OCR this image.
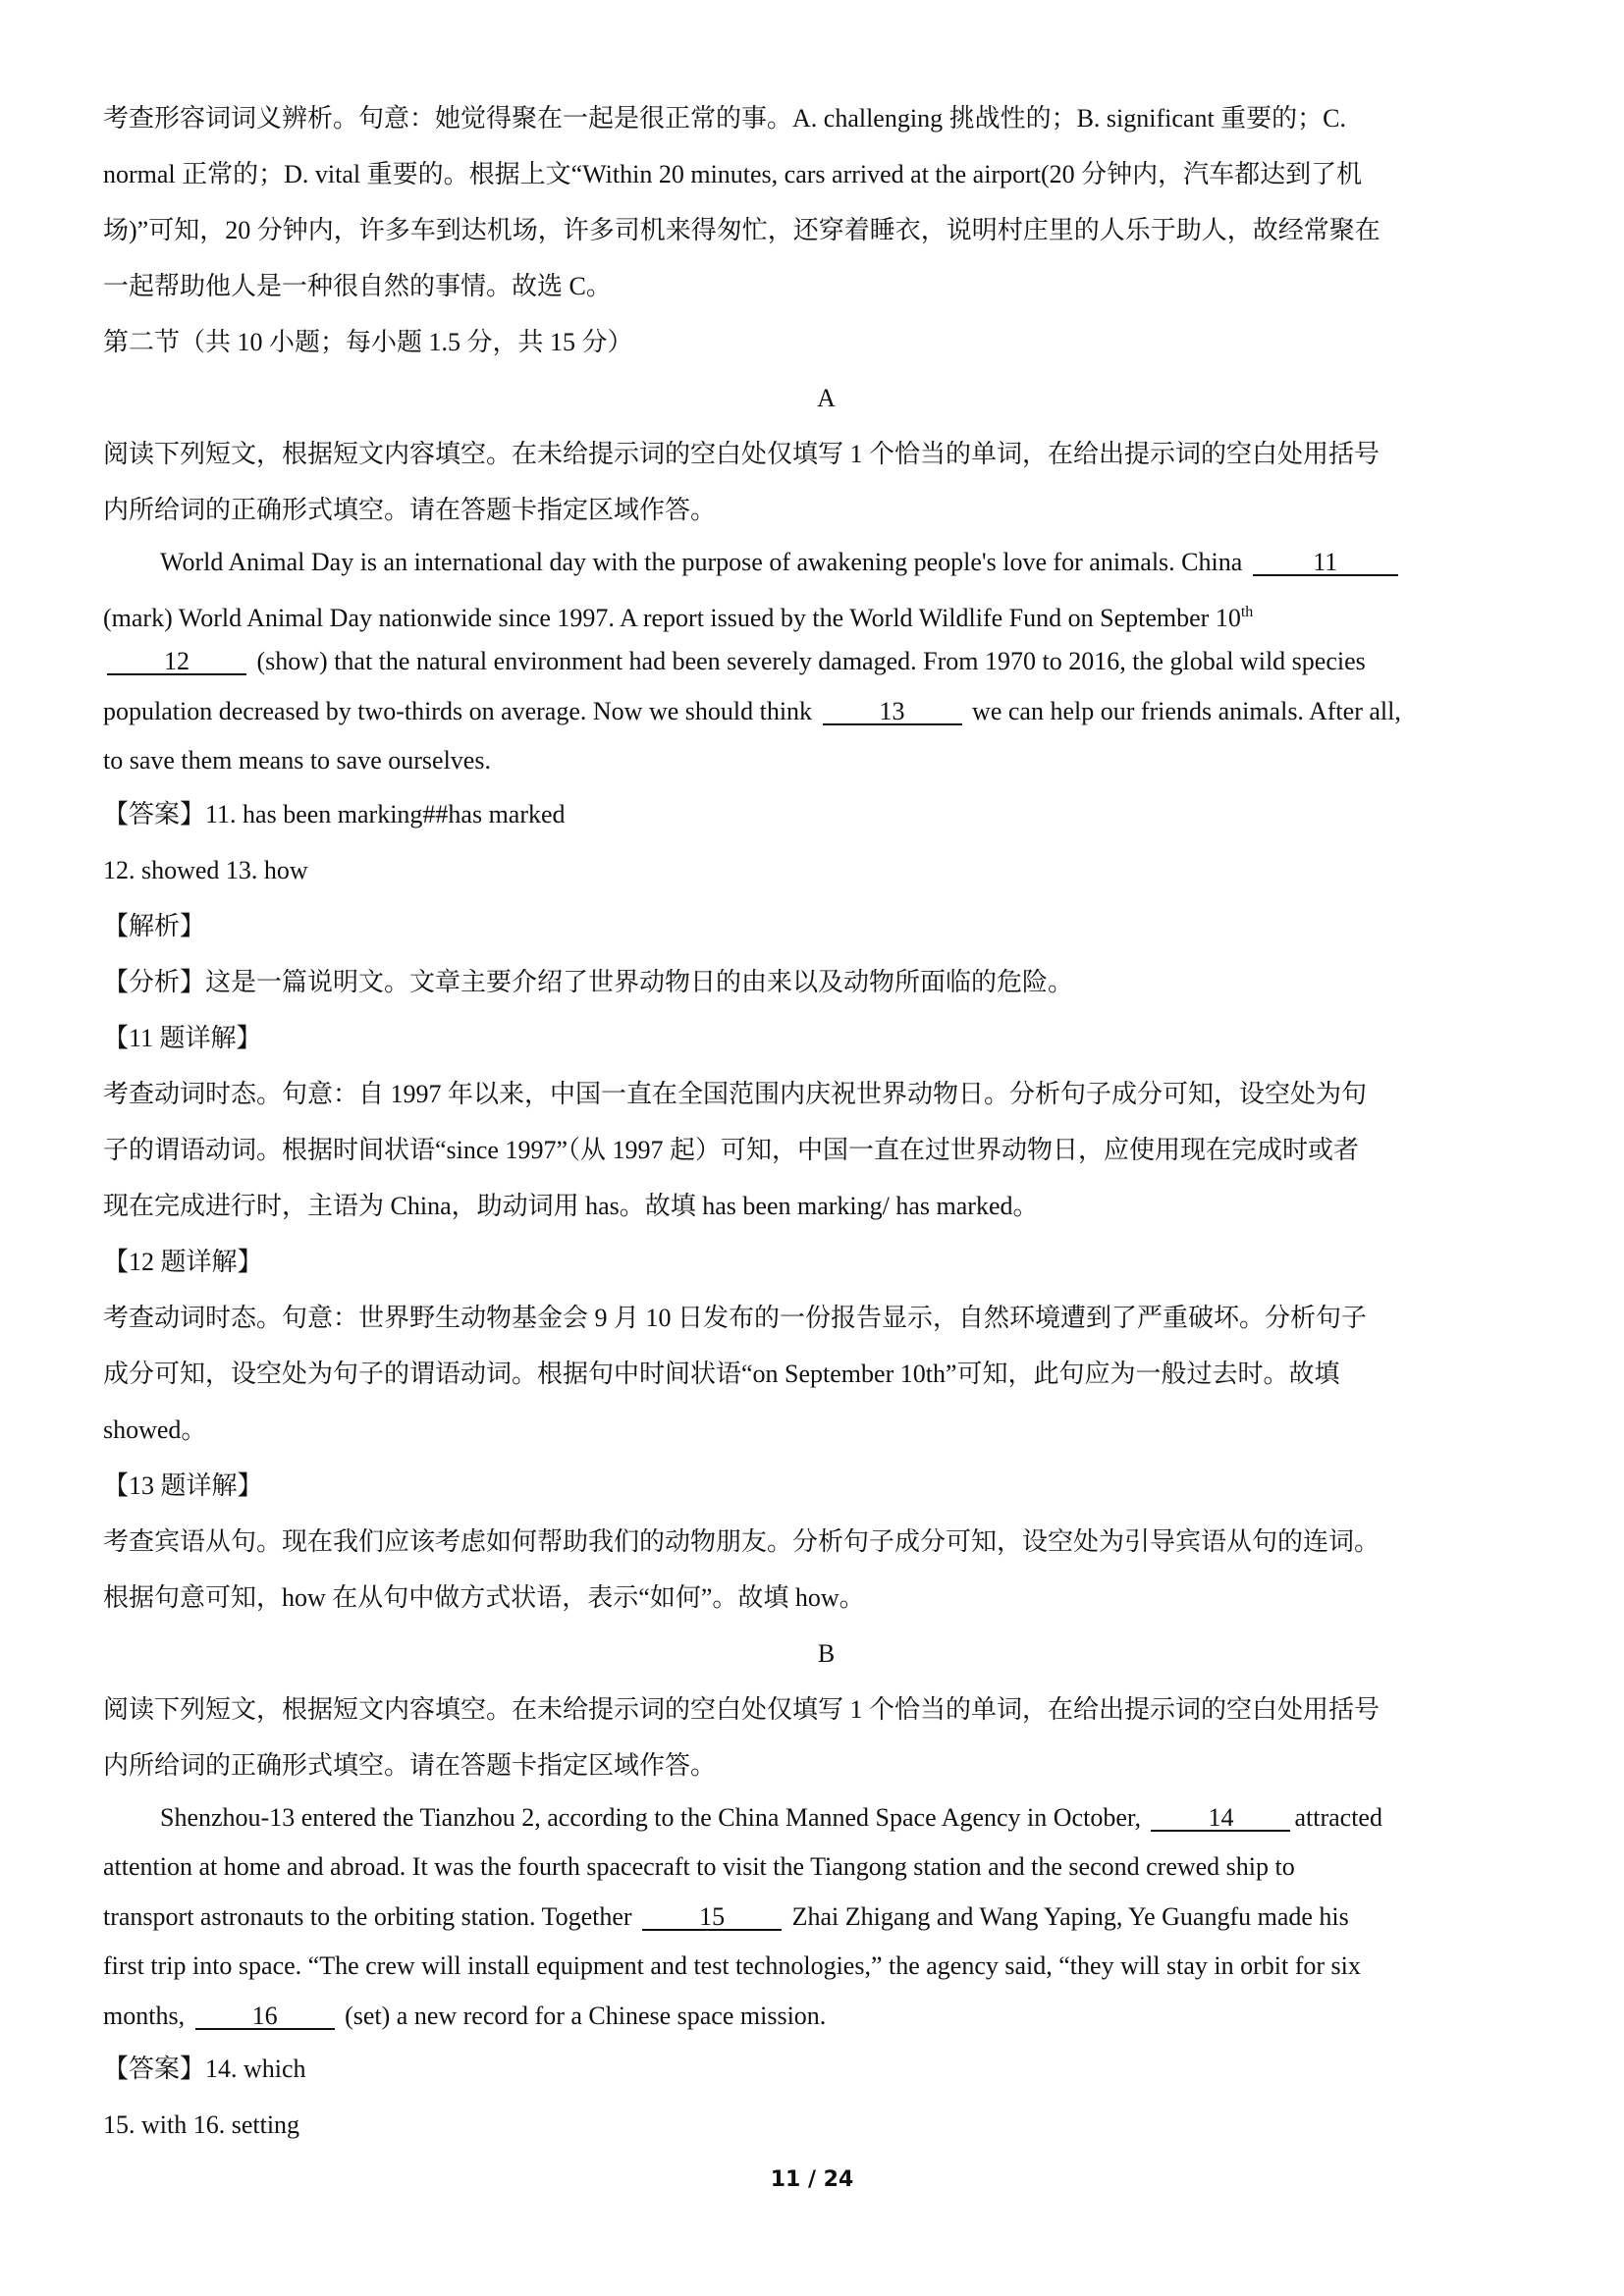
考查形容词词义辨析。句意：她觉得聚在一起是很正常的事。A. challenging 挑战性的；B. significant 重要的；C.
normal 正常的；D. vital 重要的。根据上文“Within 20 minutes, cars arrived at the airport(20 分钟内，汽车都达到了机
场)”可知，20 分钟内，许多车到达机场，许多司机来得匆忙，还穿着睡衣，说明村庄里的人乐于助人，故经常聚在
一起帮助他人是一种很自然的事情。故选 C。
第二节（共 10 小题；每小题 1.5 分，共 15 分）
A
阅读下列短文，根据短文内容填空。在未给提示词的空白处仅填写 1 个恰当的单词，在给出提示词的空白处用括号
内所给词的正确形式填空。请在答题卡指定区域作答。
World Animal Day is an international day with the purpose of awakening people's love for animals. China	11
(mark) World Animal Day nationwide since 1997. A report issued by the World Wildlife Fund on September 10th
12	(show) that the natural environment had been severely damaged. From 1970 to 2016, the global wild species
population decreased by two-thirds on average. Now we should think	13	we can help our friends animals. After all,
to save them means to save ourselves.
【答案】11. has been marking##has marked
12. showed 13. how
【解析】
【分析】这是一篇说明文。文章主要介绍了世界动物日的由来以及动物所面临的危险。
【11 题详解】
考查动词时态。句意：自 1997 年以来，中国一直在全国范围内庆祝世界动物日。分析句子成分可知，设空处为句
子的谓语动词。根据时间状语“since 1997”（从 1997 起）可知，中国一直在过世界动物日，应使用现在完成时或者
现在完成进行时，主语为 China，助动词用 has。故填 has been marking/ has marked。
【12 题详解】
考查动词时态。句意：世界野生动物基金会 9 月 10 日发布的一份报告显示，自然环境遭到了严重破坏。分析句子
成分可知，设空处为句子的谓语动词。根据句中时间状语“on September 10th”可知，此句应为一般过去时。故填
showed。
【13 题详解】
考查宾语从句。现在我们应该考虑如何帮助我们的动物朋友。分析句子成分可知，设空处为引导宾语从句的连词。
根据句意可知，how 在从句中做方式状语，表示“如何”。故填 how。
B
阅读下列短文，根据短文内容填空。在未给提示词的空白处仅填写 1 个恰当的单词，在给出提示词的空白处用括号
内所给词的正确形式填空。请在答题卡指定区域作答。
Shenzhou-13 entered the Tianzhou 2, according to the China Manned Space Agency in October,	14 attracted
attention at home and abroad. It was the fourth spacecraft to visit the Tiangong station and the second crewed ship to
transport astronauts to the orbiting station. Together	15	Zhai Zhigang and Wang Yaping, Ye Guangfu made his
first trip into space. “The crew will install equipment and test technologies,” the agency said, “they will stay in orbit for six
months,	16	(set) a new record for a Chinese space mission.
【答案】14. which
15. with 16. setting
11 / 24
